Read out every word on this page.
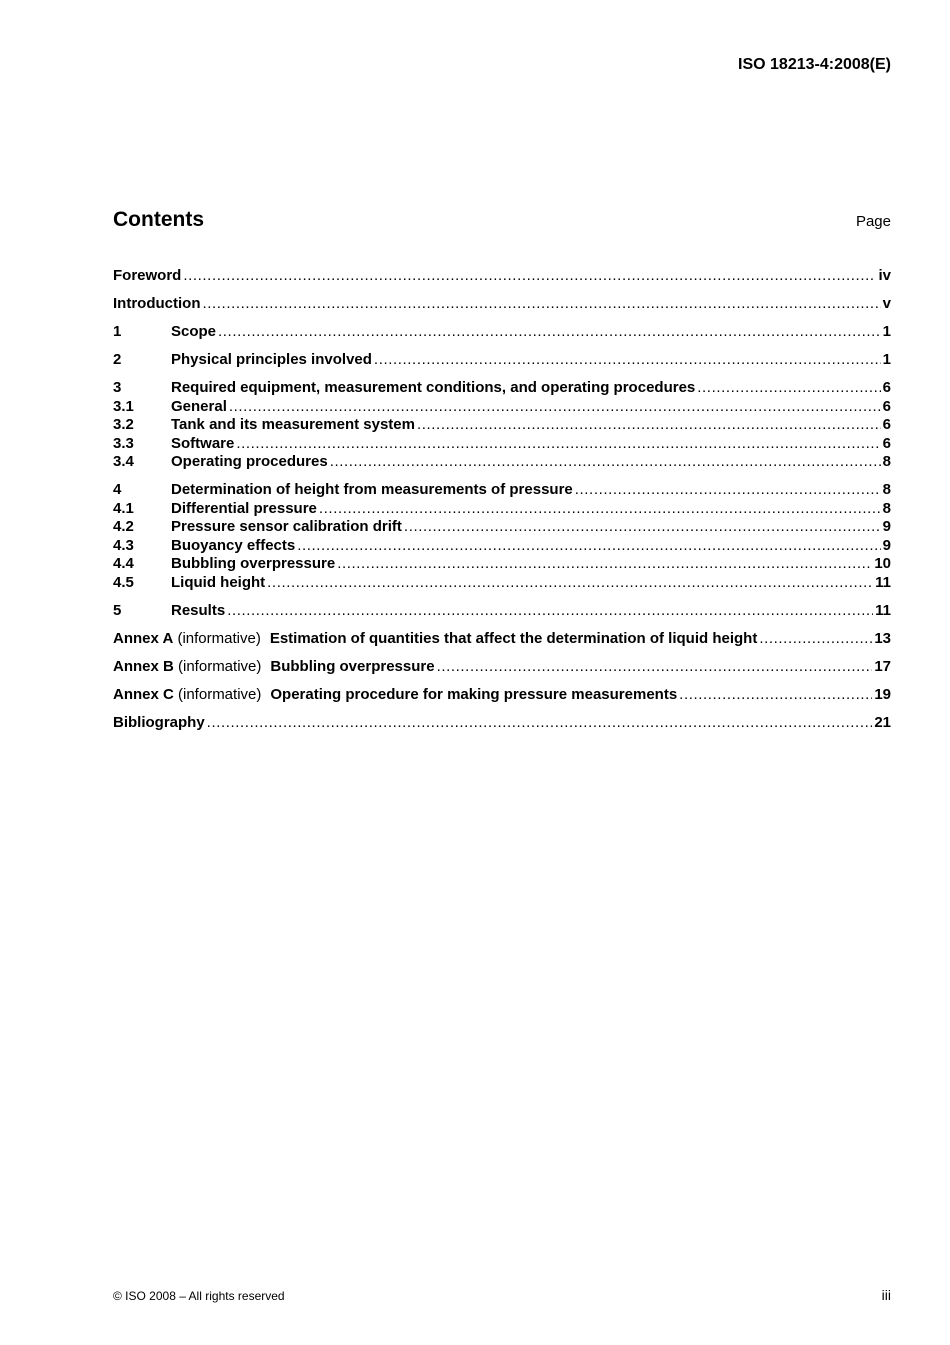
ISO 18213-4:2008(E)
Contents	Page
Foreword .....	iv
Introduction .....	v
1	Scope .....	1
2	Physical principles involved .....	1
3	Required equipment, measurement conditions, and operating procedures .....	6
3.1	General .....	6
3.2	Tank and its measurement system .....	6
3.3	Software .....	6
3.4	Operating procedures .....	8
4	Determination of height from measurements of pressure .....	8
4.1	Differential pressure .....	8
4.2	Pressure sensor calibration drift .....	9
4.3	Buoyancy effects .....	9
4.4	Bubbling overpressure .....	10
4.5	Liquid height .....	11
5	Results .....	11
Annex A (informative) Estimation of quantities that affect the determination of liquid height .....	13
Annex B (informative) Bubbling overpressure .....	17
Annex C (informative) Operating procedure for making pressure measurements .....	19
Bibliography .....	21
© ISO 2008 – All rights reserved	iii
